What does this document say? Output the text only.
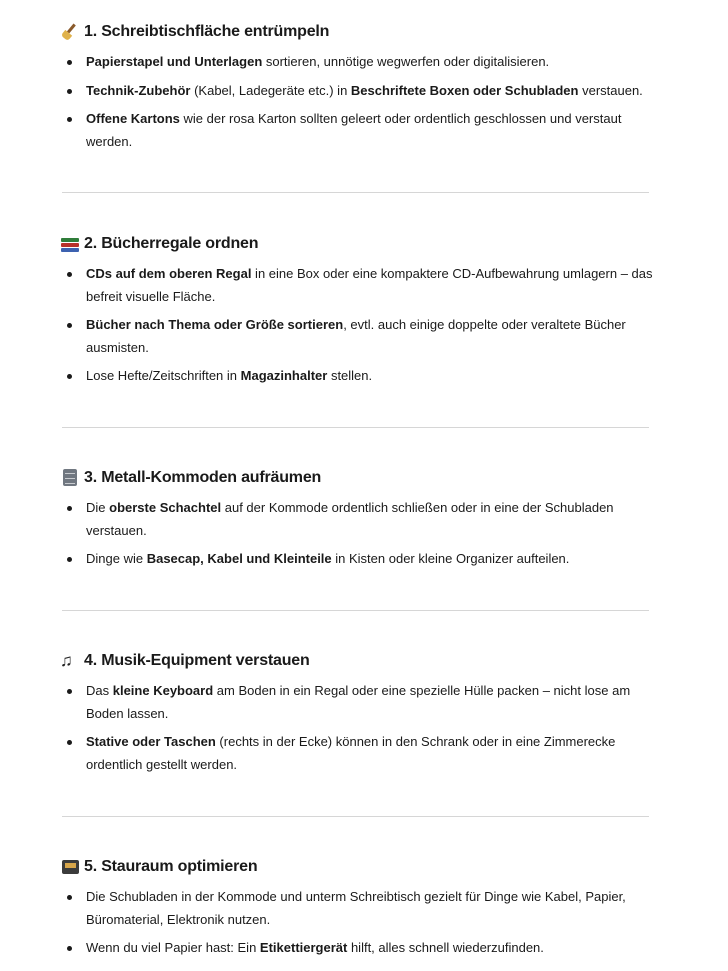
1. Schreibtischfläche entrümpeln
Papierstapel und Unterlagen sortieren, unnötige wegwerfen oder digitalisieren.
Technik-Zubehör (Kabel, Ladegeräte etc.) in Beschriftete Boxen oder Schubladen verstauen.
Offene Kartons wie der rosa Karton sollten geleert oder ordentlich geschlossen und verstaut werden.
2. Bücherregale ordnen
CDs auf dem oberen Regal in eine Box oder eine kompaktere CD-Aufbewahrung umlagern – das befreit visuelle Fläche.
Bücher nach Thema oder Größe sortieren, evtl. auch einige doppelte oder veraltete Bücher ausmisten.
Lose Hefte/Zeitschriften in Magazinhalter stellen.
3. Metall-Kommoden aufräumen
Die oberste Schachtel auf der Kommode ordentlich schließen oder in eine der Schubladen verstauen.
Dinge wie Basecap, Kabel und Kleinteile in Kisten oder kleine Organizer aufteilen.
♫ 4. Musik-Equipment verstauen
Das kleine Keyboard am Boden in ein Regal oder eine spezielle Hülle packen – nicht lose am Boden lassen.
Stative oder Taschen (rechts in der Ecke) können in den Schrank oder in eine Zimmerecke ordentlich gestellt werden.
5. Stauraum optimieren
Die Schubladen in der Kommode und unterm Schreibtisch gezielt für Dinge wie Kabel, Papier, Büromaterial, Elektronik nutzen.
Wenn du viel Papier hast: Ein Etikettiergerät hilft, alles schnell wiederzufinden.
